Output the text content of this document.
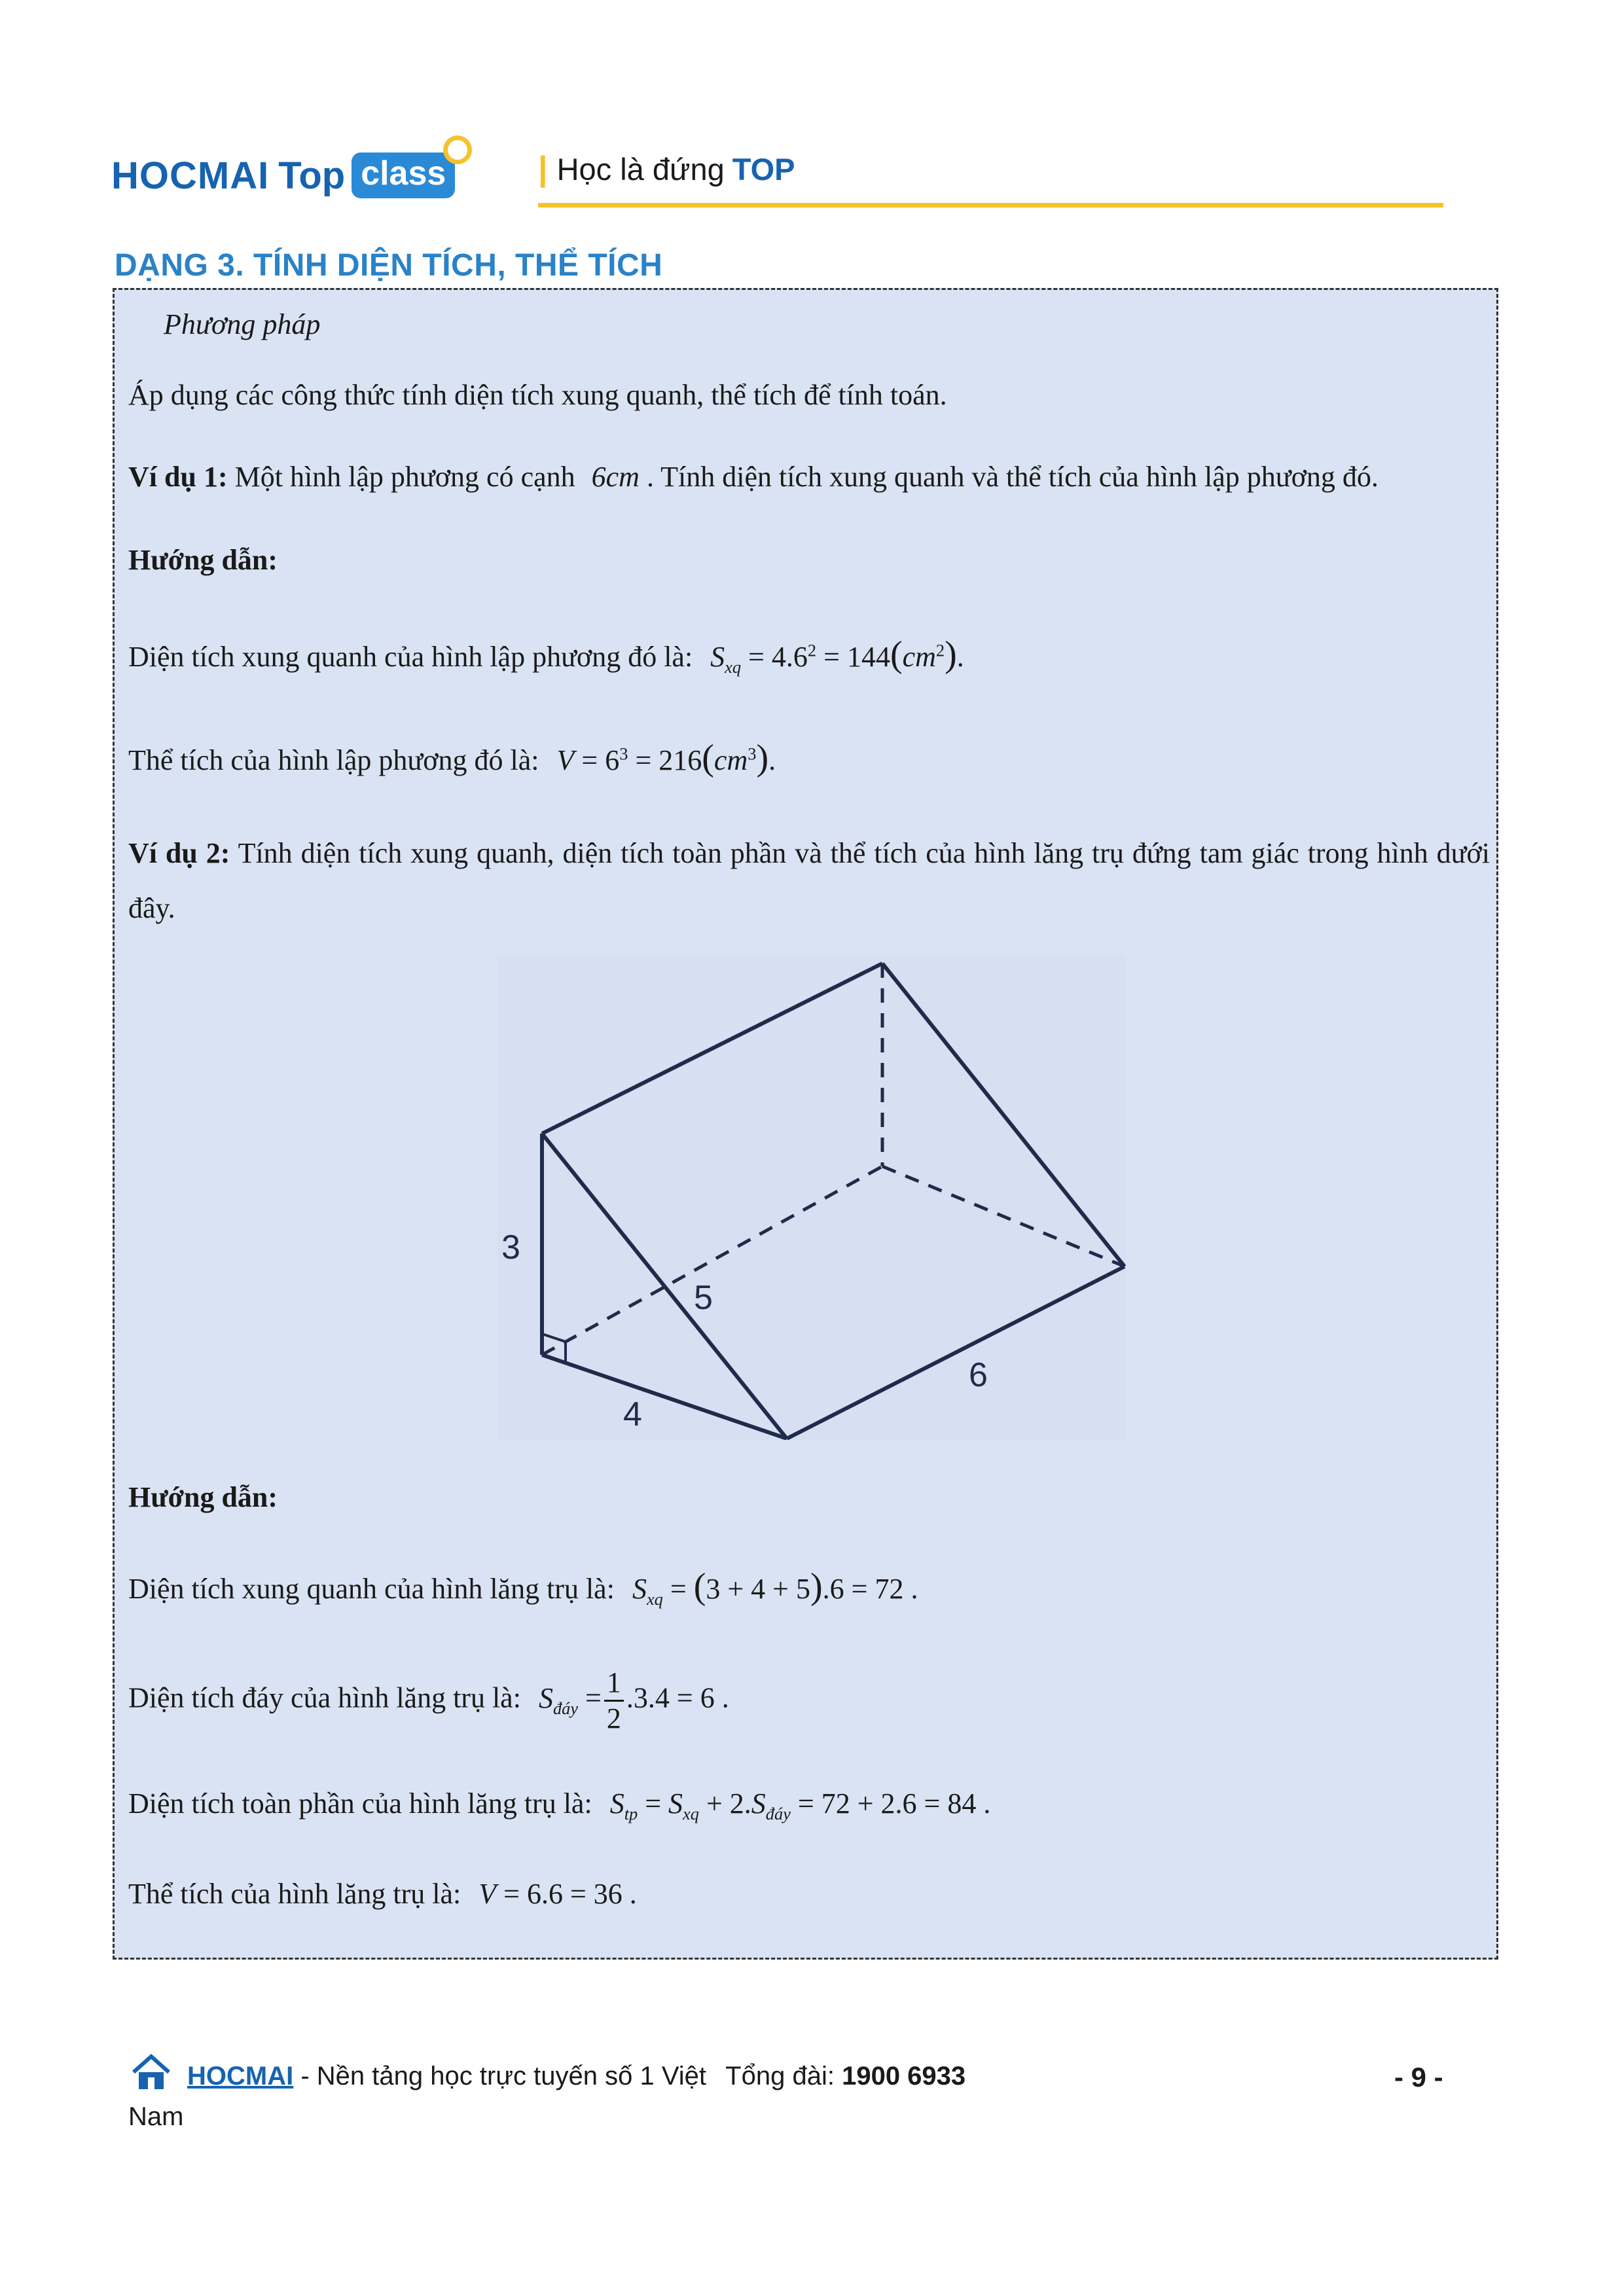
HOCMAI Top class	| Học là đứng TOP
DẠNG 3. TÍNH DIỆN TÍCH, THỂ TÍCH
Phương pháp
Áp dụng các công thức tính diện tích xung quanh, thể tích để tính toán.
Ví dụ 1: Một hình lập phương có cạnh 6cm . Tính diện tích xung quanh và thể tích của hình lập phương đó.
Hướng dẫn:
Diện tích xung quanh của hình lập phương đó là: $S_{xq} = 4.6^2 = 144(cm^2)$.
Thể tích của hình lập phương đó là: $V = 6^3 = 216(cm^3)$.
Ví dụ 2: Tính diện tích xung quanh, diện tích toàn phần và thể tích của hình lăng trụ đứng tam giác trong hình dưới đây.
3
5
4
6
Hướng dẫn:
Diện tích xung quanh của hình lăng trụ là: $S_{xq} = (3 + 4 + 5).6 = 72$ .
Diện tích đáy của hình lăng trụ là: $S_{đáy} = \frac{1}{2} .3.4 = 6$ .
Diện tích toàn phần của hình lăng trụ là: $S_{tp} = S_{xq} + 2.S_{đáy} = 72 + 2.6 = 84$ .
Thể tích của hình lăng trụ là: V = 6.6 = 36 .
HOCMAI - Nền tảng học trực tuyến số 1 Việt Tổng đài: 1900 6933	- 9 -
Nam
